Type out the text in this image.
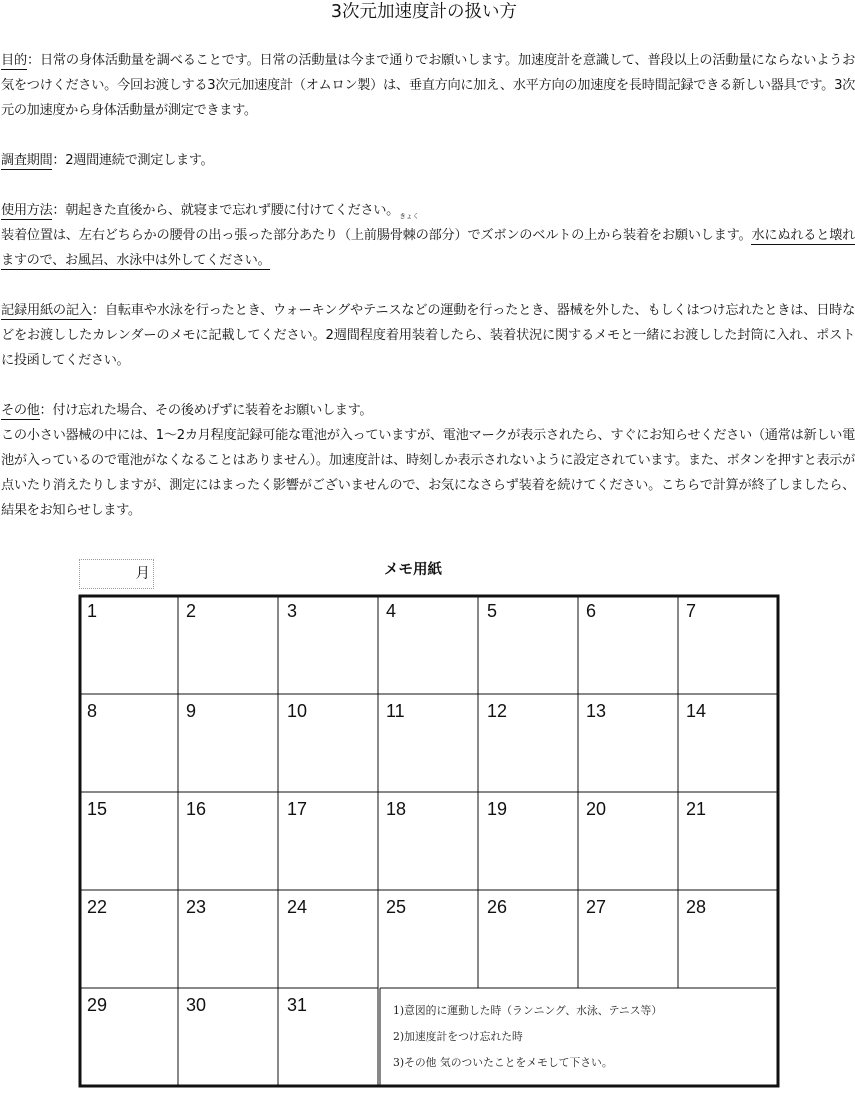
3次元加速度計の扱い方

目的：日常の身体活動量を調べることです。日常の活動量は今まで通りでお願いします。加速度計を意識して、普段以上の活動量にならないようお気をつけください。今回お渡しする3次元加速度計（オムロン製）は、垂直方向に加え、水平方向の加速度を長時間記録できる新しい器具です。3次元の加速度から身体活動量が測定できます。

調査期間：2週間連続で測定します。

使用方法：朝起きた直後から、就寝まで忘れず腰に付けてください。
装着位置は、左右どちらかの腰骨の出っ張った部分あたり（上前腸骨
きょく
棘の部分）でズボンのベルトの上から装着をお願いします。水にぬれると壊れますので、お風呂、水泳中は外してください。

記録用紙の記入：自転車や水泳を行ったとき、ウォーキングやテニスなどの運動を行ったとき、器械を外した、もしくはつけ忘れたときは、日時などをお渡ししたカレンダーのメモに記載してください。2週間程度着用装着したら、装着状況に関するメモと一緒にお渡しした封筒に入れ、ポストに投函してください。

その他：付け忘れた場合、その後めげずに装着をお願いします。
この小さい器械の中には、1〜2カ月程度記録可能な電池が入っていますが、電池マークが表示されたら、すぐにお知らせください（通常は新しい電池が入っているので電池がなくなることはありません）。加速度計は、時刻しか表示されないように設定されています。また、ボタンを押すと表示が点いたり消えたりしますが、測定にはまったく影響がございませんので、お気になさらず装着を続けてください。こちらで計算が終了しましたら、結果をお知らせします。

月	メモ用紙
1	2	3	4	5	6	7
8	9	10	11	12	13	14
15	16	17	18	19	20	21
22	23	24	25	26	27	28
29	30	31	1)意図的に運動した時（ランニング、水泳、テニス等）
2)加速度計をつけ忘れた時
3)その他 気のついたことをメモして下さい。
